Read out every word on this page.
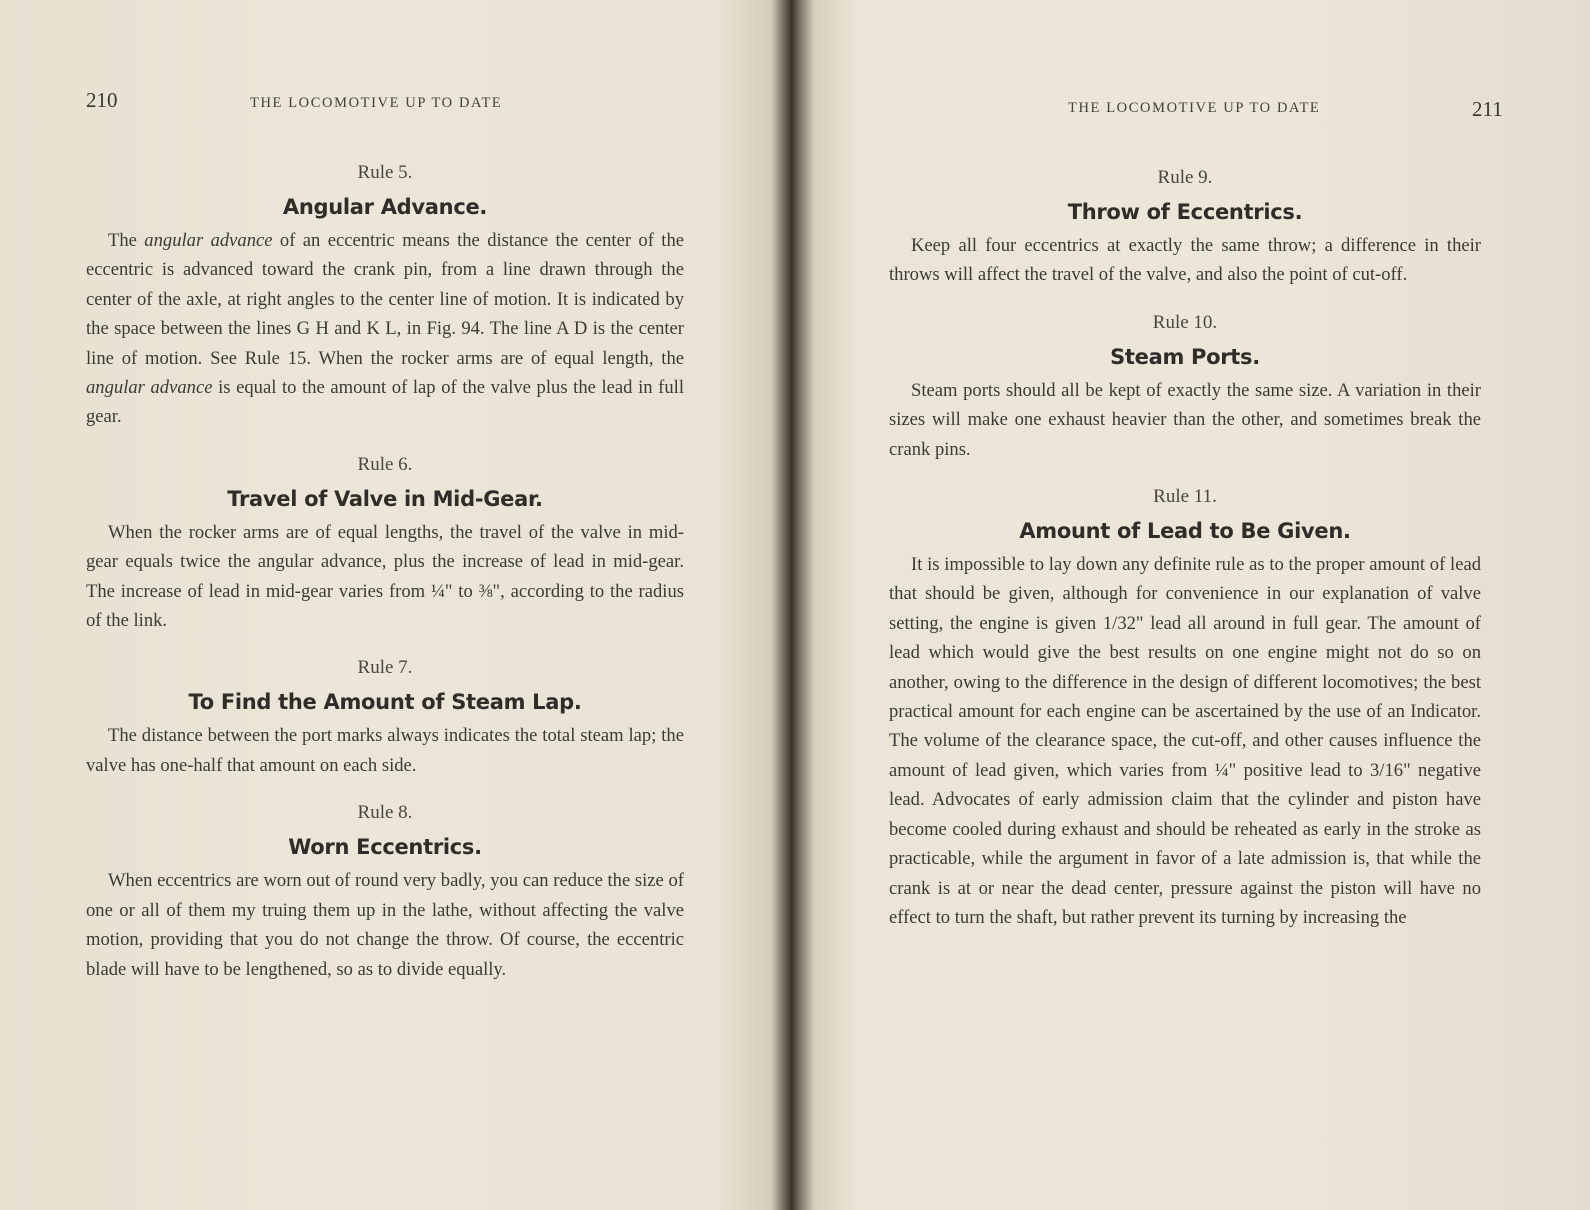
210	THE LOCOMOTIVE UP TO DATE
Rule 5.
Angular Advance.

The angular advance of an eccentric means the distance the center of the eccentric is advanced toward the crank pin, from a line drawn through the center of the axle, at right angles to the center line of motion. It is indicated by the space between the lines G H and K L, in Fig. 94. The line A D is the center line of motion. See Rule 15. When the rocker arms are of equal length, the angular advance is equal to the amount of lap of the valve plus the lead in full gear.

Rule 6.
Travel of Valve in Mid-Gear.

When the rocker arms are of equal lengths, the travel of the valve in mid-gear equals twice the angular advance, plus the increase of lead in mid-gear. The increase of lead in mid-gear varies from ¼" to ⅜", according to the radius of the link.

Rule 7.
To Find the Amount of Steam Lap.

The distance between the port marks always indicates the total steam lap; the valve has one-half that amount on each side.

Rule 8.
Worn Eccentrics.

When eccentrics are worn out of round very badly, you can reduce the size of one or all of them my truing them up in the lathe, without affecting the valve motion, providing that you do not change the throw. Of course, the eccentric blade will have to be lengthened, so as to divide equally.

THE LOCOMOTIVE UP TO DATE	211
Rule 9.
Throw of Eccentrics.

Keep all four eccentrics at exactly the same throw; a difference in their throws will affect the travel of the valve, and also the point of cut-off.

Rule 10.
Steam Ports.

Steam ports should all be kept of exactly the same size. A variation in their sizes will make one exhaust heavier than the other, and sometimes break the crank pins.

Rule 11.
Amount of Lead to Be Given.

It is impossible to lay down any definite rule as to the proper amount of lead that should be given, although for convenience in our explanation of valve setting, the engine is given 1/32" lead all around in full gear. The amount of lead which would give the best results on one engine might not do so on another, owing to the difference in the design of different locomotives; the best practical amount for each engine can be ascertained by the use of an Indicator. The volume of the clearance space, the cut-off, and other causes influence the amount of lead given, which varies from ¼" positive lead to 3/16" negative lead. Advocates of early admission claim that the cylinder and piston have become cooled during exhaust and should be reheated as early in the stroke as practicable, while the argument in favor of a late admission is, that while the crank is at or near the dead center, pressure against the piston will have no effect to turn the shaft, but rather prevent its turning by increasing the
